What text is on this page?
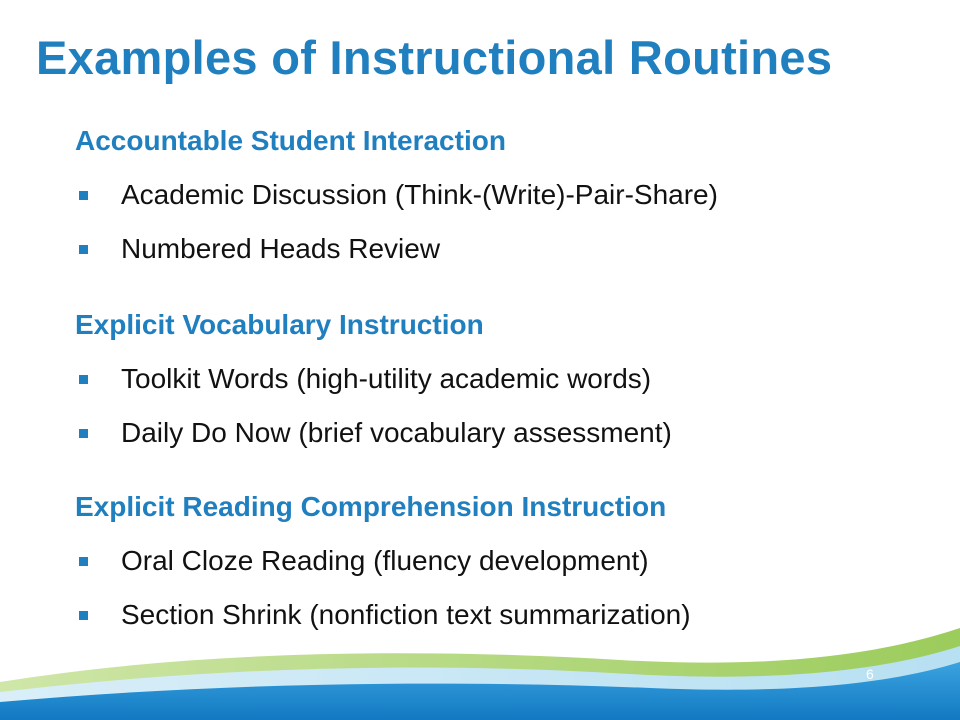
Examples of Instructional Routines
Accountable Student Interaction
Academic Discussion (Think-(Write)-Pair-Share)
Numbered Heads Review
Explicit Vocabulary Instruction
Toolkit Words (high-utility academic words)
Daily Do Now (brief vocabulary assessment)
Explicit Reading Comprehension Instruction
Oral Cloze Reading (fluency development)
Section Shrink (nonfiction text summarization)
6
